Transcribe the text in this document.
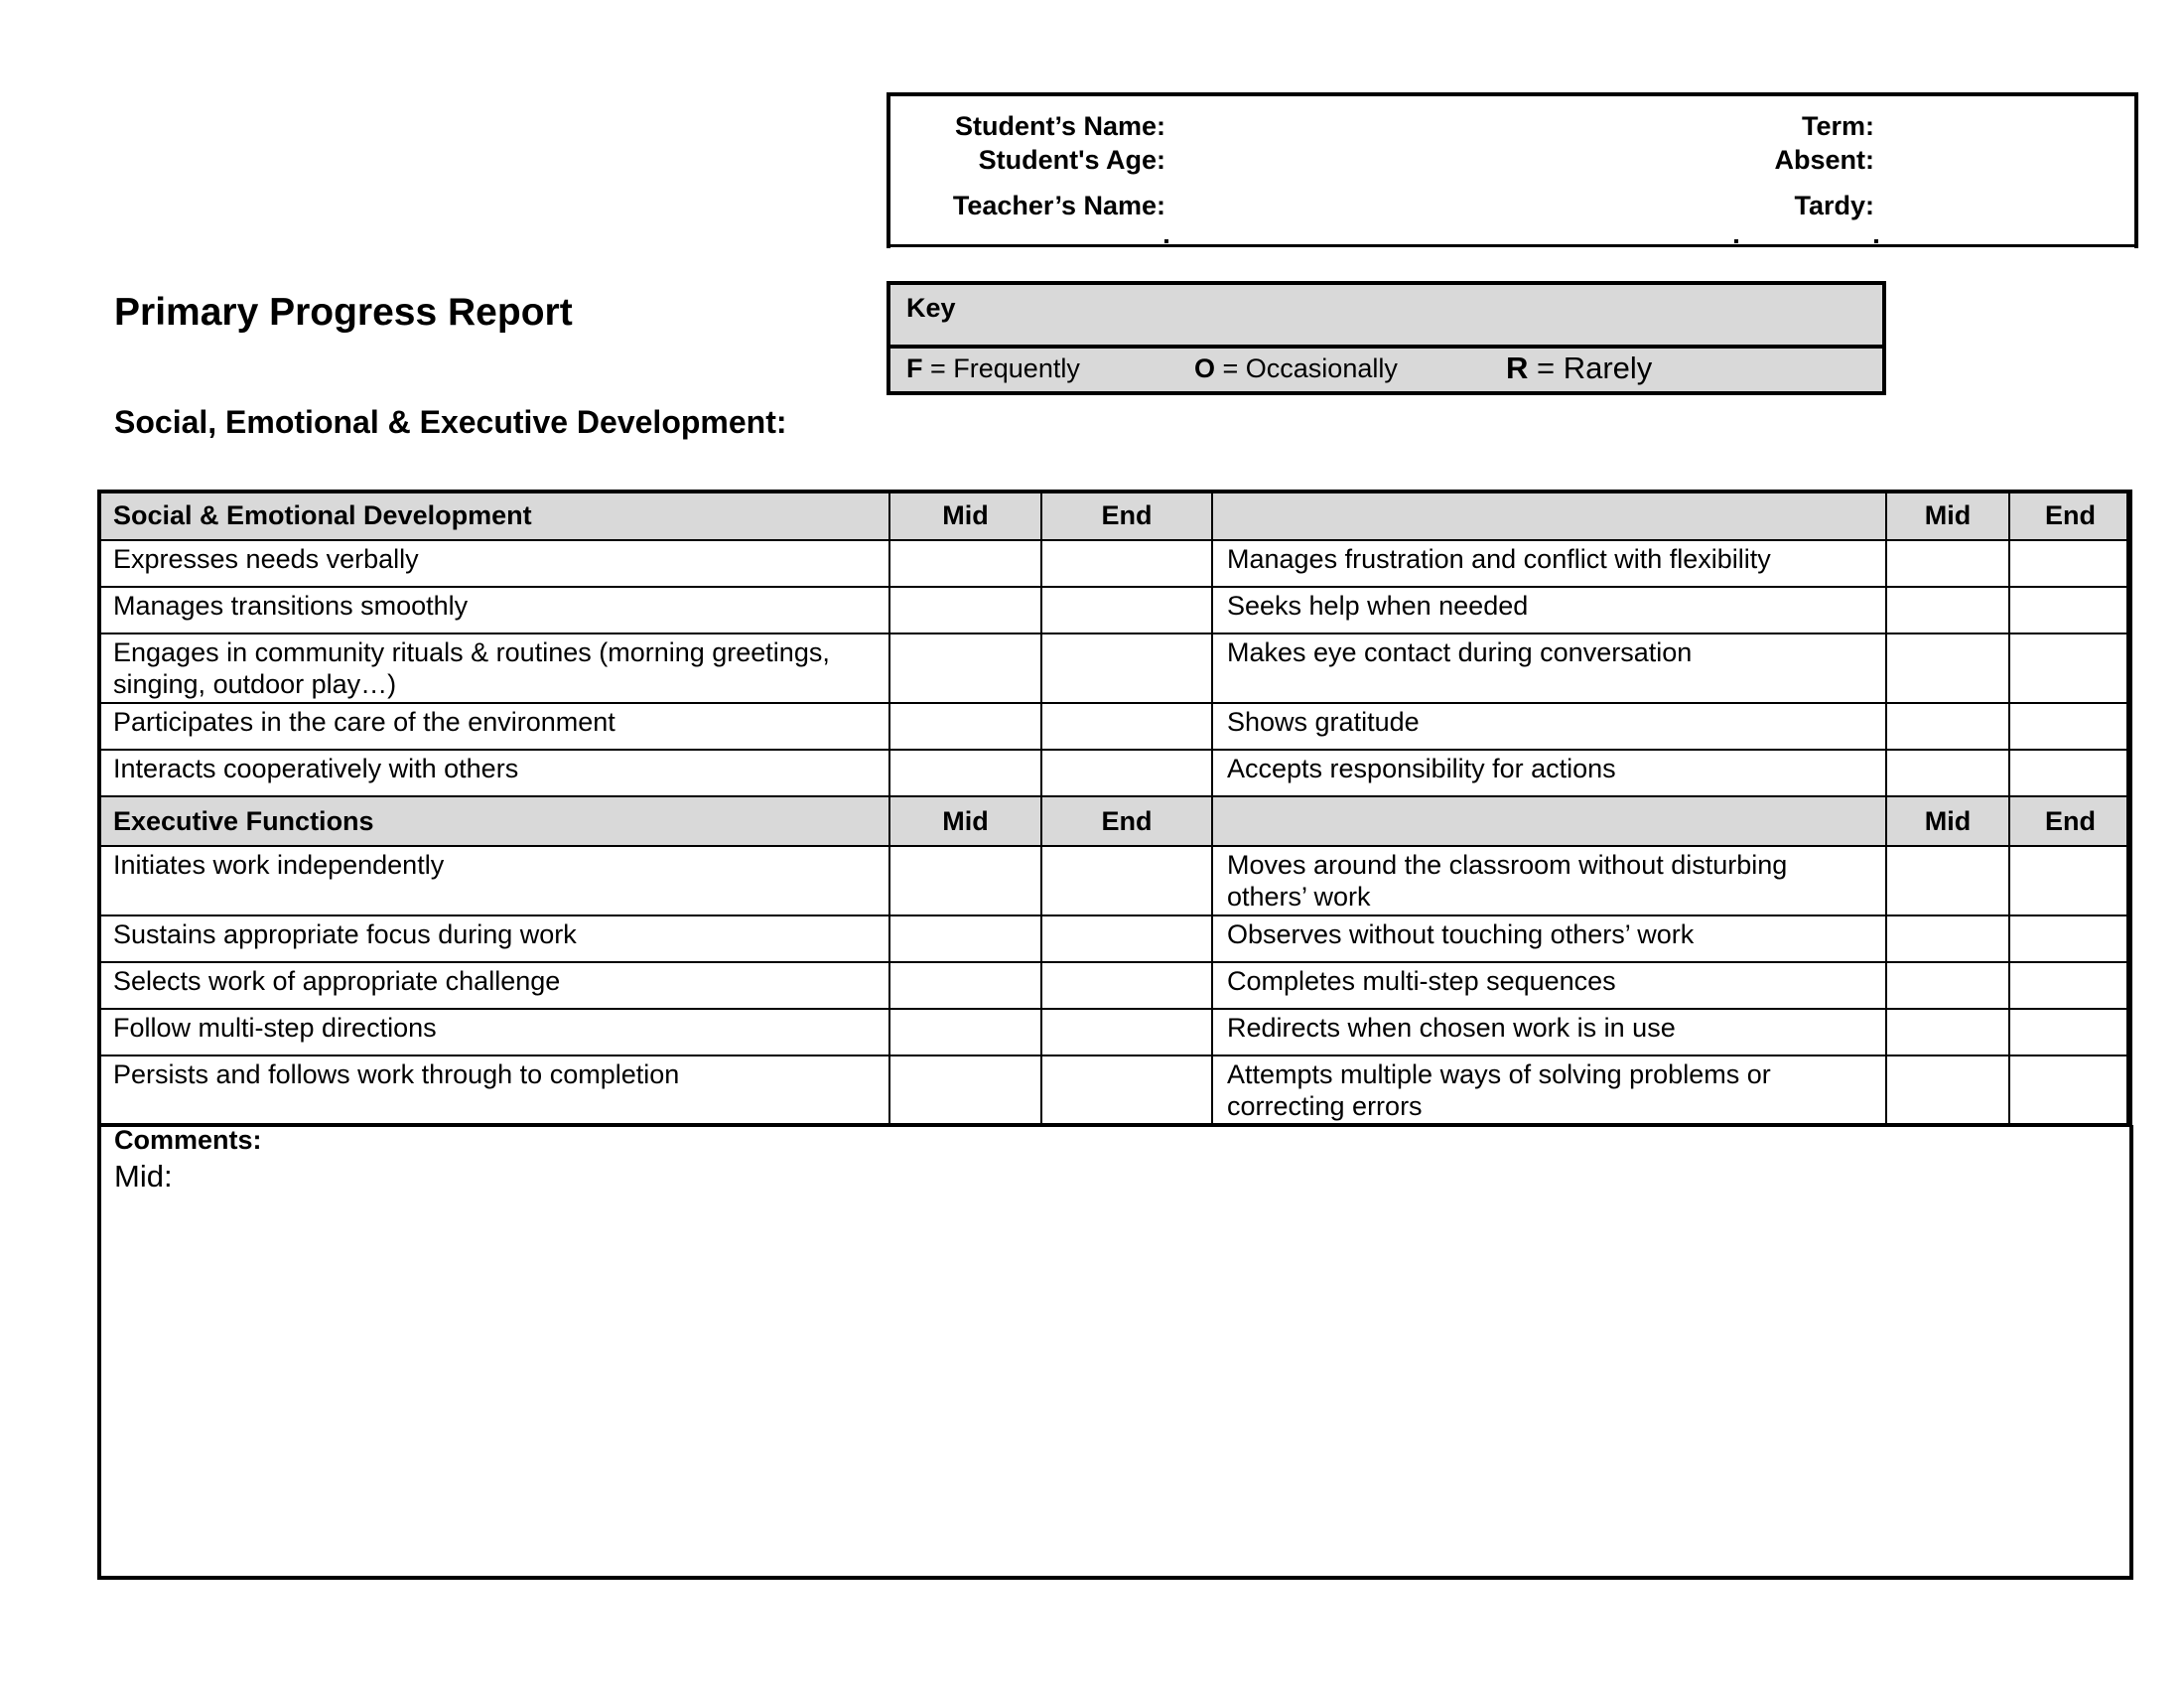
Student’s Name:
Student's Age:
Teacher’s Name:
Term:
Absent:
Tardy:
Primary Progress Report
Social, Emotional & Executive Development:
Key
F = Frequently	O = Occasionally	R = Rarely
Social & Emotional Development	Mid	End		Mid	End
Expresses needs verbally			Manages frustration and conflict with flexibility		
Manages transitions smoothly			Seeks help when needed		
Engages in community rituals & routines (morning greetings, singing, outdoor play…)			Makes eye contact during conversation		
Participates in the care of the environment			Shows gratitude		
Interacts cooperatively with others			Accepts responsibility for actions		
Executive Functions	Mid	End		Mid	End
Initiates work independently			Moves around the classroom without disturbing others’ work		
Sustains appropriate focus during work			Observes without touching others’ work		
Selects work of appropriate challenge			Completes multi-step sequences		
Follow multi-step directions			Redirects when chosen work is in use		
Persists and follows work through to completion			Attempts multiple ways of solving problems or correcting errors		
Comments:
Mid:
